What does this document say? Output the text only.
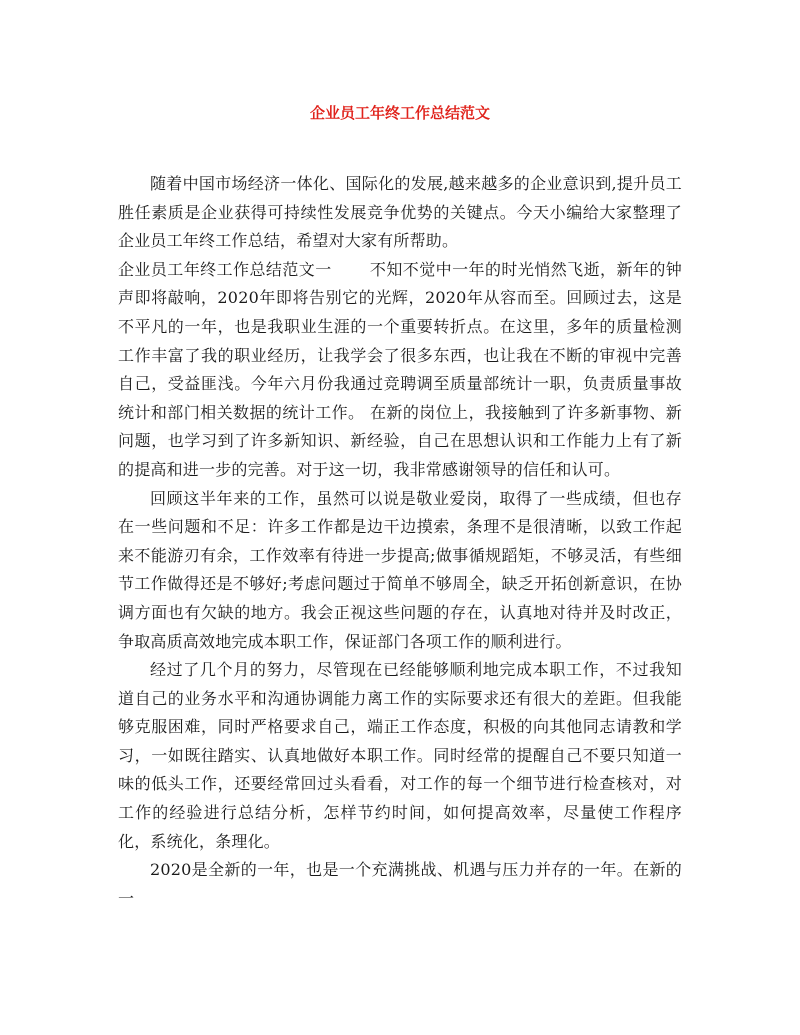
企业员工年终工作总结范文

随着中国市场经济一体化、国际化的发展,越来越多的企业意识到,提升员工胜任素质是企业获得可持续性发展竞争优势的关键点。今天小编给大家整理了企业员工年终工作总结，希望对大家有所帮助。

企业员工年终工作总结范文一 不知不觉中一年的时光悄然飞逝，新年的钟声即将敲响，2020年即将告别它的光辉，2020年从容而至。回顾过去，这是不平凡的一年，也是我职业生涯的一个重要转折点。在这里，多年的质量检测工作丰富了我的职业经历，让我学会了很多东西，也让我在不断的审视中完善自己，受益匪浅。今年六月份我通过竞聘调至质量部统计一职，负责质量事故统计和部门相关数据的统计工作。 在新的岗位上，我接触到了许多新事物、新问题，也学习到了许多新知识、新经验，自己在思想认识和工作能力上有了新的提高和进一步的完善。对于这一切，我非常感谢领导的信任和认可。

回顾这半年来的工作，虽然可以说是敬业爱岗，取得了一些成绩，但也存在一些问题和不足：许多工作都是边干边摸索，条理不是很清晰，以致工作起来不能游刃有余，工作效率有待进一步提高;做事循规蹈矩，不够灵活，有些细节工作做得还是不够好;考虑问题过于简单不够周全，缺乏开拓创新意识，在协调方面也有欠缺的地方。我会正视这些问题的存在，认真地对待并及时改正，争取高质高效地完成本职工作，保证部门各项工作的顺利进行。

经过了几个月的努力，尽管现在已经能够顺利地完成本职工作，不过我知道自己的业务水平和沟通协调能力离工作的实际要求还有很大的差距。但我能够克服困难，同时严格要求自己，端正工作态度，积极的向其他同志请教和学习，一如既往踏实、认真地做好本职工作。同时经常的提醒自己不要只知道一味的低头工作，还要经常回过头看看，对工作的每一个细节进行检查核对，对工作的经验进行总结分析，怎样节约时间，如何提高效率，尽量使工作程序化，系统化，条理化。

2020是全新的一年，也是一个充满挑战、机遇与压力并存的一年。在新的一
